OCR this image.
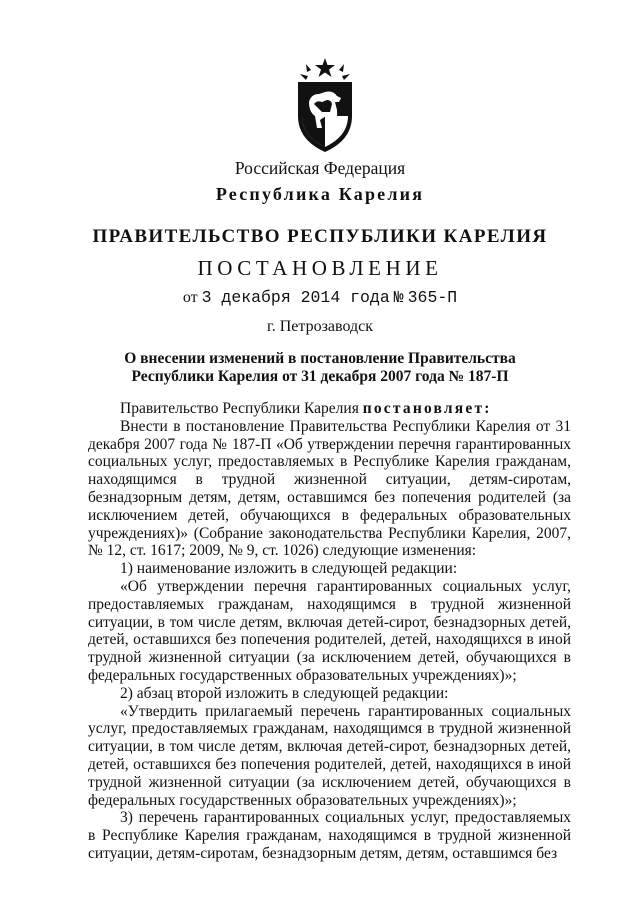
Российская Федерация
Республика Карелия
ПРАВИТЕЛЬСТВО РЕСПУБЛИКИ КАРЕЛИЯ
ПОСТАНОВЛЕНИЕ
от 3 декабря 2014 года № 365-П
г. Петрозаводск
О внесении изменений в постановление Правительства
Республики Карелия от 31 декабря 2007 года № 187-П

Правительство Республики Карелия постановляет:

Внести в постановление Правительства Республики Карелия от 31 декабря 2007 года № 187-П «Об утверждении перечня гарантированных социальных услуг, предоставляемых в Республике Карелия гражданам, находящимся в трудной жизненной ситуации, детям-сиротам, безнадзорным детям, детям, оставшимся без попечения родителей (за исключением детей, обучающихся в федеральных образовательных учреждениях)» (Собрание законодательства Республики Карелия, 2007, № 12, ст. 1617; 2009, № 9, ст. 1026) следующие изменения:

1) наименование изложить в следующей редакции:

«Об утверждении перечня гарантированных социальных услуг, предоставляемых гражданам, находящимся в трудной жизненной ситуации, в том числе детям, включая детей-сирот, безнадзорных детей, детей, оставшихся без попечения родителей, детей, находящихся в иной трудной жизненной ситуации (за исключением детей, обучающихся в федеральных государственных образовательных учреждениях)»;

2) абзац второй изложить в следующей редакции:

«Утвердить прилагаемый перечень гарантированных социальных услуг, предоставляемых гражданам, находящимся в трудной жизненной ситуации, в том числе детям, включая детей-сирот, безнадзорных детей, детей, оставшихся без попечения родителей, детей, находящихся в иной трудной жизненной ситуации (за исключением детей, обучающихся в федеральных государственных образовательных учреждениях)»;

3) перечень гарантированных социальных услуг, предоставляемых в Республике Карелия гражданам, находящимся в трудной жизненной ситуации, детям-сиротам, безнадзорным детям, детям, оставшимся без
